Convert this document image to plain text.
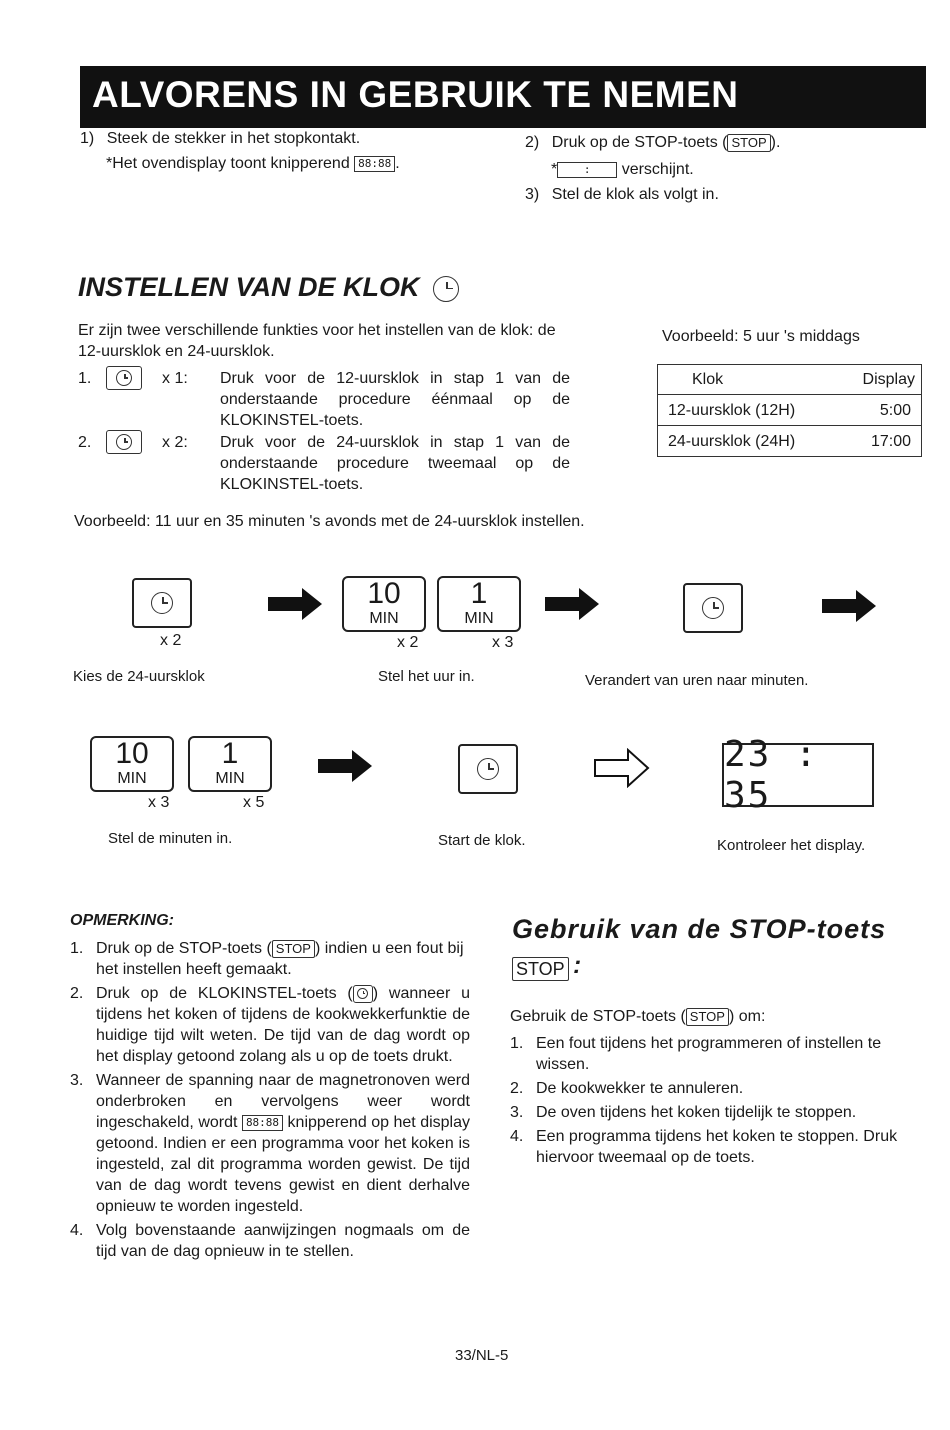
ALVORENS IN GEBRUIK TE NEMEN
1) Steek de stekker in het stopkontakt.
*Het ovendisplay toont knipperend 88:88 .
2) Druk op de STOP-toets ( STOP ).
* : verschijnt.
3) Stel de klok als volgt in.
INSTELLEN VAN DE KLOK
Er zijn twee verschillende funkties voor het instellen van de klok: de 12-uursklok en 24-uursklok.
1.	x 1: Druk voor de 12-uursklok in stap 1 van de onderstaande procedure éénmaal op de KLOKINSTEL-toets.
2.	x 2: Druk voor de 24-uursklok in stap 1 van de onderstaande procedure tweemaal op de KLOKINSTEL-toets.
Voorbeeld: 5 uur 's middags
Klok	Display
12-uursklok (12H)	5:00
24-uursklok (24H)	17:00
Voorbeeld: 11 uur en 35 minuten 's avonds met de 24-uursklok instellen.
x 2
10
MIN
x 2
1
MIN
x 3
Kies de 24-uursklok	Stel het uur in.	Verandert van uren naar minuten.
10
MIN
x 3
1
MIN
x 5
23 : 35
Stel de minuten in.	Start de klok.	Kontroleer het display.
OPMERKING:
1. Druk op de STOP-toets ( STOP ) indien u een fout bij het instellen heeft gemaakt.
2. Druk op de KLOKINSTEL-toets ( ) wanneer u tijdens het koken of tijdens de kookwekkerfunktie de huidige tijd wilt weten. De tijd van de dag wordt op het display getoond zolang als u op de toets drukt.
3. Wanneer de spanning naar de magnetronoven werd onderbroken en vervolgens weer wordt ingeschakeld, wordt 88:88 knipperend op het display getoond. Indien er een programma voor het koken is ingesteld, zal dit programma worden gewist. De tijd van de dag wordt tevens gewist en dient derhalve opnieuw te worden ingesteld.
4. Volg bovenstaande aanwijzingen nogmaals om de tijd van de dag opnieuw in te stellen.
Gebruik van de STOP-toets
STOP :
Gebruik de STOP-toets ( STOP ) om:
1. Een fout tijdens het programmeren of instellen te wissen.
2. De kookwekker te annuleren.
3. De oven tijdens het koken tijdelijk te stoppen.
4. Een programma tijdens het koken te stoppen. Druk hiervoor tweemaal op de toets.
33/NL-5
